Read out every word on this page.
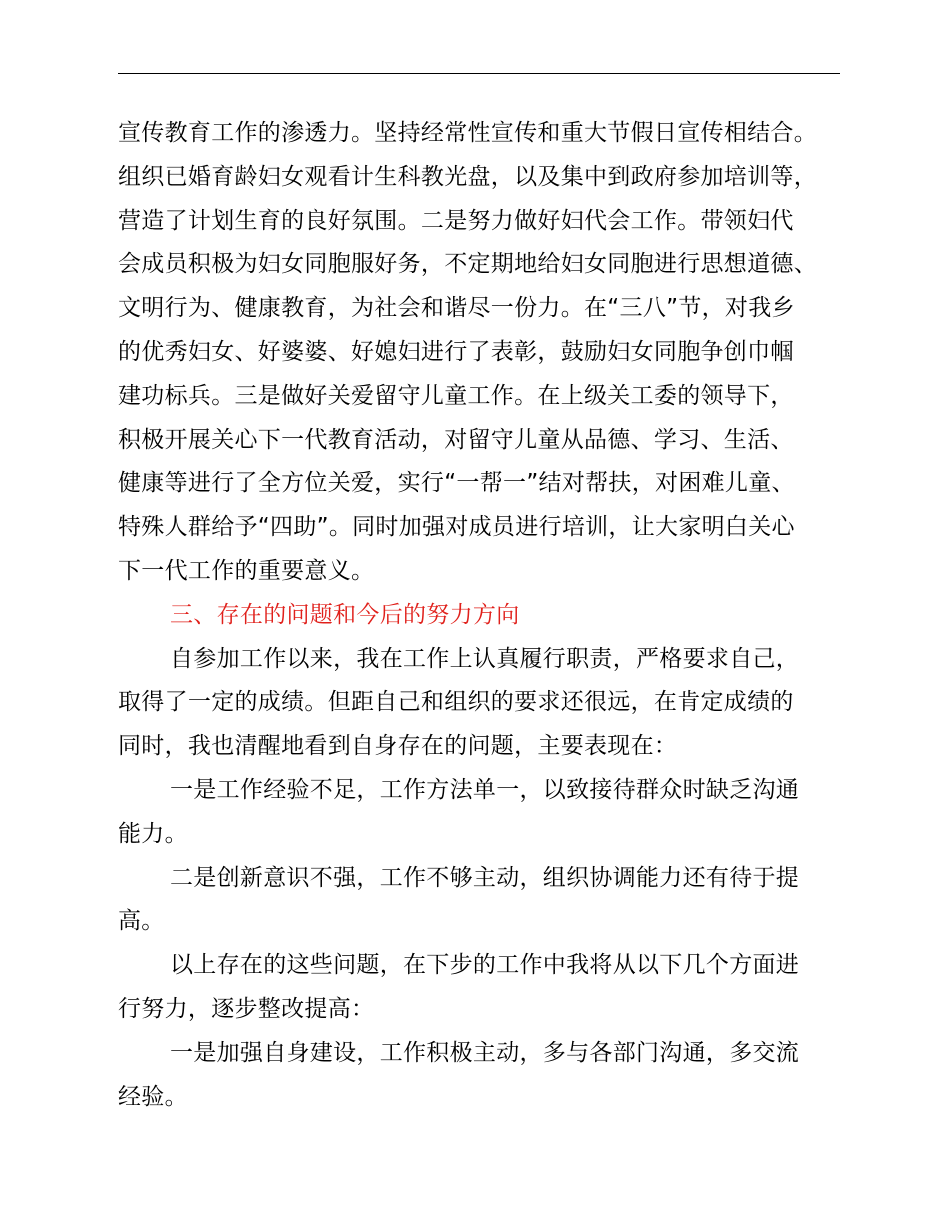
宣传教育工作的渗透力。坚持经常性宣传和重大节假日宣传相结合。

组织已婚育龄妇女观看计生科教光盘，以及集中到政府参加培训等，

营造了计划生育的良好氛围。二是努力做好妇代会工作。带领妇代

会成员积极为妇女同胞服好务，不定期地给妇女同胞进行思想道德、

文明行为、健康教育，为社会和谐尽一份力。在“三八”节，对我乡

的优秀妇女、好婆婆、好媳妇进行了表彰，鼓励妇女同胞争创巾帼

建功标兵。三是做好关爱留守儿童工作。在上级关工委的领导下，

积极开展关心下一代教育活动，对留守儿童从品德、学习、生活、

健康等进行了全方位关爱，实行“一帮一”结对帮扶，对困难儿童、

特殊人群给予“四助”。同时加强对成员进行培训，让大家明白关心

下一代工作的重要意义。

三、存在的问题和今后的努力方向

自参加工作以来，我在工作上认真履行职责，严格要求自己，

取得了一定的成绩。但距自己和组织的要求还很远，在肯定成绩的

同时，我也清醒地看到自身存在的问题，主要表现在：

一是工作经验不足，工作方法单一，以致接待群众时缺乏沟通

能力。

二是创新意识不强，工作不够主动，组织协调能力还有待于提

高。

以上存在的这些问题，在下步的工作中我将从以下几个方面进

行努力，逐步整改提高：

一是加强自身建设，工作积极主动，多与各部门沟通，多交流

经验。
